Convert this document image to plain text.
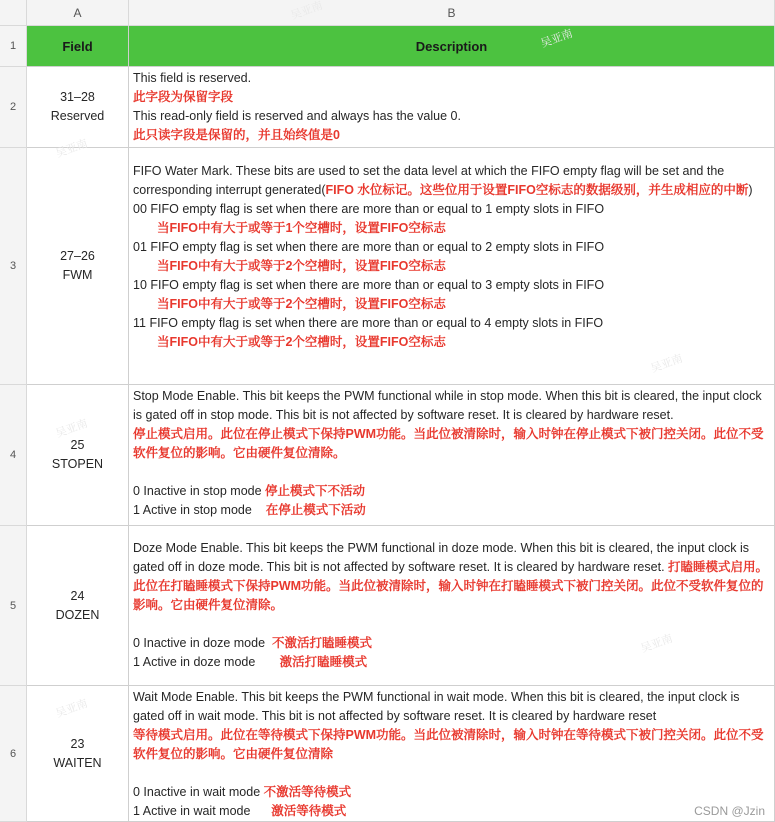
A	B
1
2
3
4
5
6
Field	Description
31–28
Reserved
This field is reserved.
此字段为保留字段
This read-only field is reserved and always has the value 0.
此只读字段是保留的，并且始终值是0
27–26
FWM
FIFO Water Mark. These bits are used to set the data level at which the FIFO empty flag will be set and the corresponding interrupt generated(FIFO 水位标记。这些位用于设置FIFO空标志的数据级别，并生成相应的中断)
00 FIFO empty flag is set when there are more than or equal to 1 empty slots in FIFO
当FIFO中有大于或等于1个空槽时，设置FIFO空标志
01 FIFO empty flag is set when there are more than or equal to 2 empty slots in FIFO
当FIFO中有大于或等于2个空槽时，设置FIFO空标志
10 FIFO empty flag is set when there are more than or equal to 3 empty slots in FIFO
当FIFO中有大于或等于2个空槽时，设置FIFO空标志
11 FIFO empty flag is set when there are more than or equal to 4 empty slots in FIFO
当FIFO中有大于或等于2个空槽时，设置FIFO空标志
25
STOPEN
Stop Mode Enable. This bit keeps the PWM functional while in stop mode. When this bit is cleared, the input clock is gated off in stop mode. This bit is not affected by software reset. It is cleared by hardware reset.
停止模式启用。此位在停止模式下保持PWM功能。当此位被清除时，输入时钟在停止模式下被门控关闭。此位不受软件复位的影响。它由硬件复位清除。
0 Inactive in stop mode 停止模式下不活动
1 Active in stop mode 在停止模式下活动
24
DOZEN
Doze Mode Enable. This bit keeps the PWM functional in doze mode. When this bit is cleared, the input clock is gated off in doze mode. This bit is not affected by software reset. It is cleared by hardware reset. 打瞌睡模式启用。此位在打瞌睡模式下保持PWM功能。当此位被清除时，输入时钟在打瞌睡模式下被门控关闭。此位不受软件复位的影响。它由硬件复位清除。
0 Inactive in doze mode 不激活打瞌睡模式
1 Active in doze mode 激活打瞌睡模式
23
WAITEN
Wait Mode Enable. This bit keeps the PWM functional in wait mode. When this bit is cleared, the input clock is gated off in wait mode. This bit is not affected by software reset. It is cleared by hardware reset
等待模式启用。此位在等待模式下保持PWM功能。当此位被清除时，输入时钟在等待模式下被门控关闭。此位不受软件复位的影响。它由硬件复位清除
0 Inactive in wait mode 不激活等待模式
1 Active in wait mode 激活等待模式
吴亚南
吴亚南
吴亚南
吴亚南
吴亚南
吴亚南
吴亚南
CSDN @Jzin
